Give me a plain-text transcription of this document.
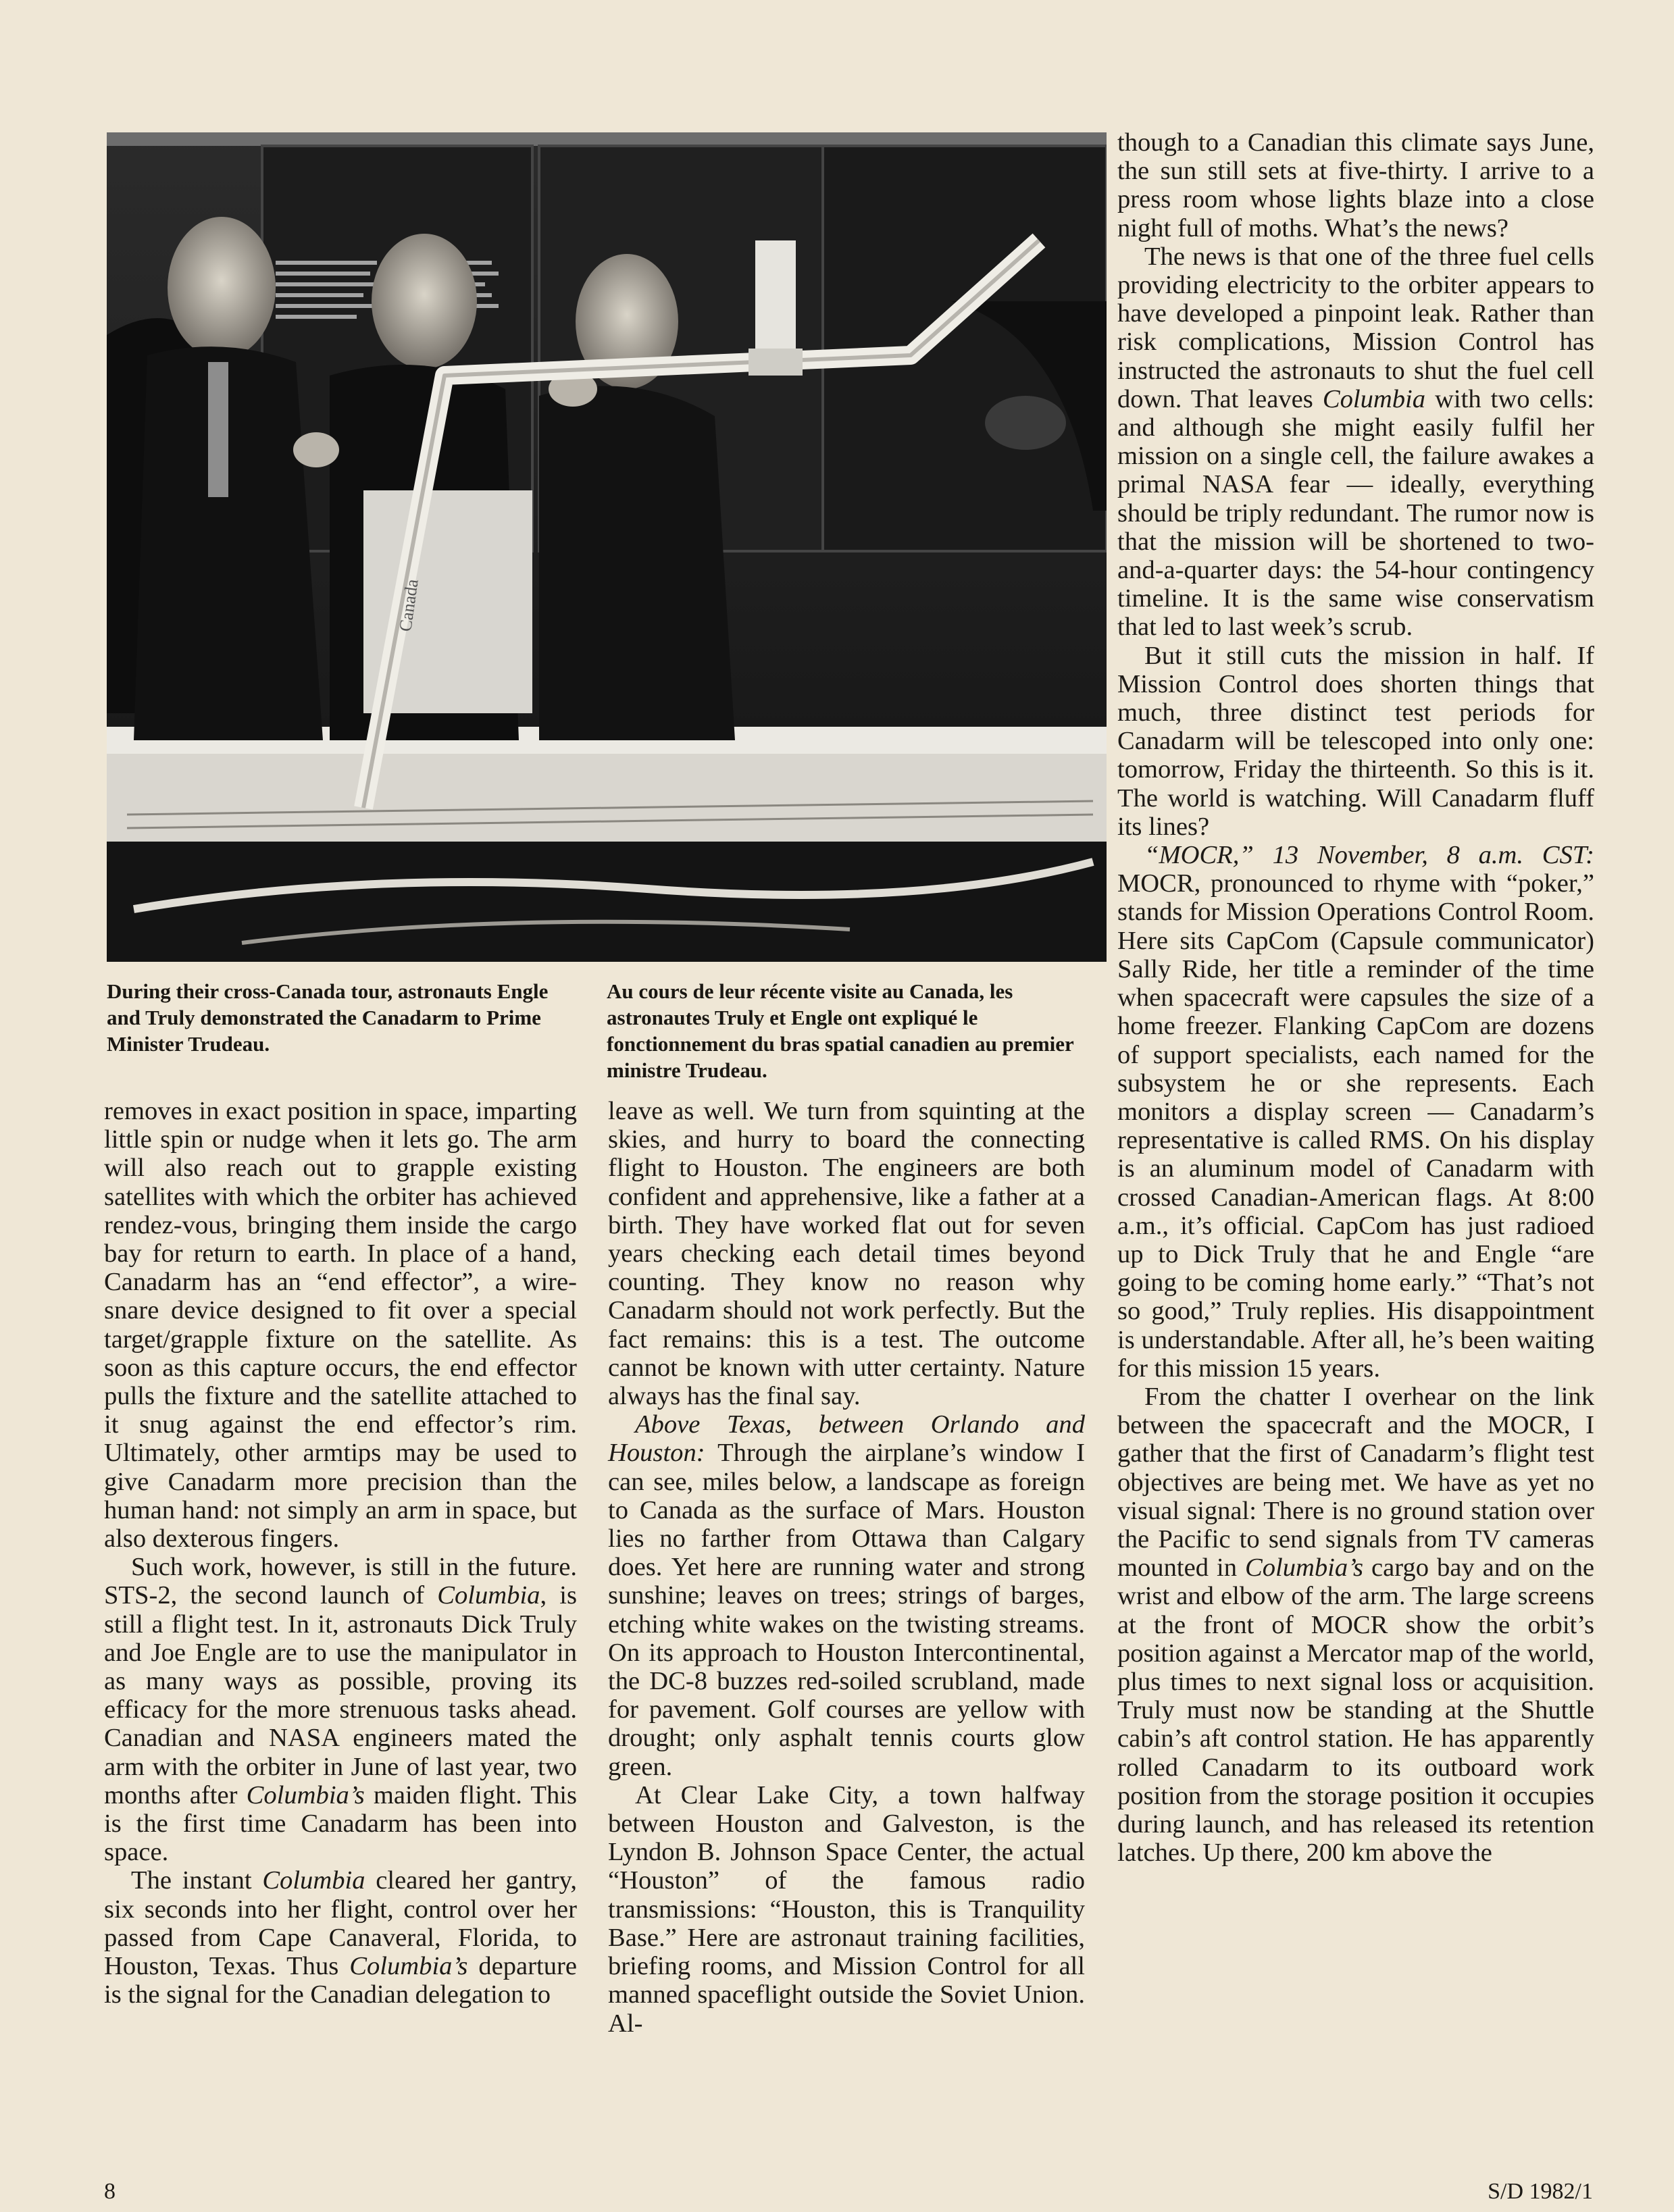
Canada
During their cross-Canada tour, astronauts Engle and Truly demonstrated the Canadarm to Prime Minister Trudeau.
Au cours de leur récente visite au Canada, les astronautes Truly et Engle ont expliqué le fonctionnement du bras spatial canadien au premier ministre Trudeau.

removes in exact position in space, imparting little spin or nudge when it lets go. The arm will also reach out to grapple existing satellites with which the orbiter has achieved rendez-vous, bringing them inside the cargo bay for return to earth. In place of a hand, Canadarm has an “end effector”, a wire-snare device designed to fit over a special target/grapple fixture on the satellite. As soon as this capture occurs, the end effector pulls the fixture and the satellite attached to it snug against the end effector’s rim. Ultimately, other armtips may be used to give Canadarm more precision than the human hand: not simply an arm in space, but also dexterous fingers.

Such work, however, is still in the future. STS-2, the second launch of Columbia, is still a flight test. In it, astronauts Dick Truly and Joe Engle are to use the manipulator in as many ways as possible, proving its efficacy for the more strenuous tasks ahead. Canadian and NASA engineers mated the arm with the orbiter in June of last year, two months after Columbia’s maiden flight. This is the first time Canadarm has been into space.

The instant Columbia cleared her gantry, six seconds into her flight, control over her passed from Cape Canaveral, Florida, to Houston, Texas. Thus Columbia’s departure is the signal for the Canadian delegation to

leave as well. We turn from squinting at the skies, and hurry to board the connecting flight to Houston. The engineers are both confident and apprehensive, like a father at a birth. They have worked flat out for seven years checking each detail times beyond counting. They know no reason why Canadarm should not work perfectly. But the fact remains: this is a test. The outcome cannot be known with utter certainty. Nature always has the final say.

Above Texas, between Orlando and Houston: Through the airplane’s window I can see, miles below, a landscape as foreign to Canada as the surface of Mars. Houston lies no farther from Ottawa than Calgary does. Yet here are running water and strong sunshine; leaves on trees; strings of barges, etching white wakes on the twisting streams. On its approach to Houston Intercontinental, the DC-8 buzzes red-soiled scrubland, made for pavement. Golf courses are yellow with drought; only asphalt tennis courts glow green.

At Clear Lake City, a town halfway between Houston and Galveston, is the Lyndon B. Johnson Space Center, the actual “Houston” of the famous radio transmissions: “Houston, this is Tranquility Base.” Here are astronaut training facilities, briefing rooms, and Mission Control for all manned spaceflight outside the Soviet Union. Al-

though to a Canadian this climate says June, the sun still sets at five-thirty. I arrive to a press room whose lights blaze into a close night full of moths. What’s the news?

The news is that one of the three fuel cells providing electricity to the orbiter appears to have developed a pinpoint leak. Rather than risk complications, Mission Control has instructed the astronauts to shut the fuel cell down. That leaves Columbia with two cells: and although she might easily fulfil her mission on a single cell, the failure awakes a primal NASA fear — ideally, everything should be triply redundant. The rumor now is that the mission will be shortened to two-and-a-quarter days: the 54-hour contingency timeline. It is the same wise conservatism that led to last week’s scrub.

But it still cuts the mission in half. If Mission Control does shorten things that much, three distinct test periods for Canadarm will be telescoped into only one: tomorrow, Friday the thirteenth. So this is it. The world is watching. Will Canadarm fluff its lines?

“MOCR,” 13 November, 8 a.m. CST: MOCR, pronounced to rhyme with “poker,” stands for Mission Operations Control Room. Here sits CapCom (Capsule communicator) Sally Ride, her title a reminder of the time when spacecraft were capsules the size of a home freezer. Flanking CapCom are dozens of support specialists, each named for the subsystem he or she represents. Each monitors a display screen — Canadarm’s representative is called RMS. On his display is an aluminum model of Canadarm with crossed Canadian-American flags. At 8:00 a.m., it’s official. CapCom has just radioed up to Dick Truly that he and Engle “are going to be coming home early.” “That’s not so good,” Truly replies. His disappointment is understandable. After all, he’s been waiting for this mission 15 years.

From the chatter I overhear on the link between the spacecraft and the MOCR, I gather that the first of Canadarm’s flight test objectives are being met. We have as yet no visual signal: There is no ground station over the Pacific to send signals from TV cameras mounted in Columbia’s cargo bay and on the wrist and elbow of the arm. The large screens at the front of MOCR show the orbit’s position against a Mercator map of the world, plus times to next signal loss or acquisition. Truly must now be standing at the Shuttle cabin’s aft control station. He has apparently rolled Canadarm to its outboard work position from the storage position it occupies during launch, and has released its retention latches. Up there, 200 km above the

8	S/D 1982/1
